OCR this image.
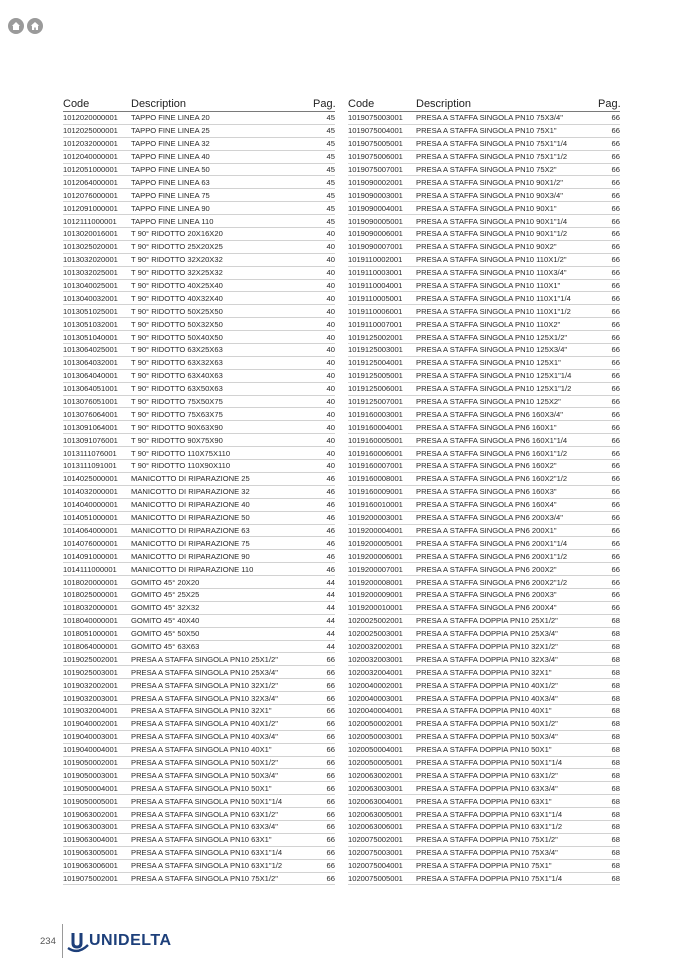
Code	Description	Pag.
1012020000001	TAPPO FINE LINEA 20	45
1012025000001	TAPPO FINE LINEA 25	45
1012032000001	TAPPO FINE LINEA 32	45
1012040000001	TAPPO FINE LINEA 40	45
1012051000001	TAPPO FINE LINEA 50	45
1012064000001	TAPPO FINE LINEA 63	45
1012076000001	TAPPO FINE LINEA 75	45
1012091000001	TAPPO FINE LINEA 90	45
1012111000001	TAPPO FINE LINEA 110	45
1013020016001	T 90° RIDOTTO 20X16X20	40
1013025020001	T 90° RIDOTTO 25X20X25	40
1013032020001	T 90° RIDOTTO 32X20X32	40
1013032025001	T 90° RIDOTTO 32X25X32	40
1013040025001	T 90° RIDOTTO 40X25X40	40
1013040032001	T 90° RIDOTTO 40X32X40	40
1013051025001	T 90° RIDOTTO 50X25X50	40
1013051032001	T 90° RIDOTTO 50X32X50	40
1013051040001	T 90° RIDOTTO 50X40X50	40
1013064025001	T 90° RIDOTTO 63X25X63	40
1013064032001	T 90° RIDOTTO 63X32X63	40
1013064040001	T 90° RIDOTTO 63X40X63	40
1013064051001	T 90° RIDOTTO 63X50X63	40
1013076051001	T 90° RIDOTTO 75X50X75	40
1013076064001	T 90° RIDOTTO 75X63X75	40
1013091064001	T 90° RIDOTTO 90X63X90	40
1013091076001	T 90° RIDOTTO 90X75X90	40
1013111076001	T 90° RIDOTTO 110X75X110	40
1013111091001	T 90° RIDOTTO 110X90X110	40
1014025000001	MANICOTTO DI RIPARAZIONE 25	46
1014032000001	MANICOTTO DI RIPARAZIONE 32	46
1014040000001	MANICOTTO DI RIPARAZIONE 40	46
1014051000001	MANICOTTO DI RIPARAZIONE 50	46
1014064000001	MANICOTTO DI RIPARAZIONE 63	46
1014076000001	MANICOTTO DI RIPARAZIONE 75	46
1014091000001	MANICOTTO DI RIPARAZIONE 90	46
1014111000001	MANICOTTO DI RIPARAZIONE 110	46
1018020000001	GOMITO 45° 20X20	44
1018025000001	GOMITO 45° 25X25	44
1018032000001	GOMITO 45° 32X32	44
1018040000001	GOMITO 45° 40X40	44
1018051000001	GOMITO 45° 50X50	44
1018064000001	GOMITO 45° 63X63	44
1019025002001	PRESA A STAFFA SINGOLA PN10 25X1/2"	66
1019025003001	PRESA A STAFFA SINGOLA PN10 25X3/4"	66
1019032002001	PRESA A STAFFA SINGOLA PN10 32X1/2"	66
1019032003001	PRESA A STAFFA SINGOLA PN10 32X3/4"	66
1019032004001	PRESA A STAFFA SINGOLA PN10 32X1"	66
1019040002001	PRESA A STAFFA SINGOLA PN10 40X1/2"	66
1019040003001	PRESA A STAFFA SINGOLA PN10 40X3/4"	66
1019040004001	PRESA A STAFFA SINGOLA PN10 40X1"	66
1019050002001	PRESA A STAFFA SINGOLA PN10 50X1/2"	66
1019050003001	PRESA A STAFFA SINGOLA PN10 50X3/4"	66
1019050004001	PRESA A STAFFA SINGOLA PN10 50X1"	66
1019050005001	PRESA A STAFFA SINGOLA PN10 50X1"1/4	66
1019063002001	PRESA A STAFFA SINGOLA PN10 63X1/2"	66
1019063003001	PRESA A STAFFA SINGOLA PN10 63X3/4"	66
1019063004001	PRESA A STAFFA SINGOLA PN10 63X1"	66
1019063005001	PRESA A STAFFA SINGOLA PN10 63X1"1/4	66
1019063006001	PRESA A STAFFA SINGOLA PN10 63X1"1/2	66
1019075002001	PRESA A STAFFA SINGOLA PN10 75X1/2"	66
Code	Description	Pag.
1019075003001	PRESA A STAFFA SINGOLA PN10 75X3/4"	66
1019075004001	PRESA A STAFFA SINGOLA PN10 75X1"	66
1019075005001	PRESA A STAFFA SINGOLA PN10 75X1"1/4	66
1019075006001	PRESA A STAFFA SINGOLA PN10 75X1"1/2	66
1019075007001	PRESA A STAFFA SINGOLA PN10 75X2"	66
1019090002001	PRESA A STAFFA SINGOLA PN10 90X1/2"	66
1019090003001	PRESA A STAFFA SINGOLA PN10 90X3/4"	66
1019090004001	PRESA A STAFFA SINGOLA PN10 90X1"	66
1019090005001	PRESA A STAFFA SINGOLA PN10 90X1"1/4	66
1019090006001	PRESA A STAFFA SINGOLA PN10 90X1"1/2	66
1019090007001	PRESA A STAFFA SINGOLA PN10 90X2"	66
1019110002001	PRESA A STAFFA SINGOLA PN10 110X1/2"	66
1019110003001	PRESA A STAFFA SINGOLA PN10 110X3/4"	66
1019110004001	PRESA A STAFFA SINGOLA PN10 110X1"	66
1019110005001	PRESA A STAFFA SINGOLA PN10 110X1"1/4	66
1019110006001	PRESA A STAFFA SINGOLA PN10 110X1"1/2	66
1019110007001	PRESA A STAFFA SINGOLA PN10 110X2"	66
1019125002001	PRESA A STAFFA SINGOLA PN10 125X1/2"	66
1019125003001	PRESA A STAFFA SINGOLA PN10 125X3/4"	66
1019125004001	PRESA A STAFFA SINGOLA PN10 125X1"	66
1019125005001	PRESA A STAFFA SINGOLA PN10 125X1"1/4	66
1019125006001	PRESA A STAFFA SINGOLA PN10 125X1"1/2	66
1019125007001	PRESA A STAFFA SINGOLA PN10 125X2"	66
1019160003001	PRESA A STAFFA SINGOLA PN6 160X3/4"	66
1019160004001	PRESA A STAFFA SINGOLA PN6 160X1"	66
1019160005001	PRESA A STAFFA SINGOLA PN6 160X1"1/4	66
1019160006001	PRESA A STAFFA SINGOLA PN6 160X1"1/2	66
1019160007001	PRESA A STAFFA SINGOLA PN6 160X2"	66
1019160008001	PRESA A STAFFA SINGOLA PN6 160X2"1/2	66
1019160009001	PRESA A STAFFA SINGOLA PN6 160X3"	66
1019160010001	PRESA A STAFFA SINGOLA PN6 160X4"	66
1019200003001	PRESA A STAFFA SINGOLA PN6 200X3/4"	66
1019200004001	PRESA A STAFFA SINGOLA PN6 200X1"	66
1019200005001	PRESA A STAFFA SINGOLA PN6 200X1"1/4	66
1019200006001	PRESA A STAFFA SINGOLA PN6 200X1"1/2	66
1019200007001	PRESA A STAFFA SINGOLA PN6 200X2"	66
1019200008001	PRESA A STAFFA SINGOLA PN6 200X2"1/2	66
1019200009001	PRESA A STAFFA SINGOLA PN6 200X3"	66
1019200010001	PRESA A STAFFA SINGOLA PN6 200X4"	66
1020025002001	PRESA A STAFFA DOPPIA PN10 25X1/2"	68
1020025003001	PRESA A STAFFA DOPPIA PN10 25X3/4"	68
1020032002001	PRESA A STAFFA DOPPIA PN10 32X1/2"	68
1020032003001	PRESA A STAFFA DOPPIA PN10 32X3/4"	68
1020032004001	PRESA A STAFFA DOPPIA PN10 32X1"	68
1020040002001	PRESA A STAFFA DOPPIA PN10 40X1/2"	68
1020040003001	PRESA A STAFFA DOPPIA PN10 40X3/4"	68
1020040004001	PRESA A STAFFA DOPPIA PN10 40X1"	68
1020050002001	PRESA A STAFFA DOPPIA PN10 50X1/2"	68
1020050003001	PRESA A STAFFA DOPPIA PN10 50X3/4"	68
1020050004001	PRESA A STAFFA DOPPIA PN10 50X1"	68
1020050005001	PRESA A STAFFA DOPPIA PN10 50X1"1/4	68
1020063002001	PRESA A STAFFA DOPPIA PN10 63X1/2"	68
1020063003001	PRESA A STAFFA DOPPIA PN10 63X3/4"	68
1020063004001	PRESA A STAFFA DOPPIA PN10 63X1"	68
1020063005001	PRESA A STAFFA DOPPIA PN10 63X1"1/4	68
1020063006001	PRESA A STAFFA DOPPIA PN10 63X1"1/2	68
1020075002001	PRESA A STAFFA DOPPIA PN10 75X1/2"	68
1020075003001	PRESA A STAFFA DOPPIA PN10 75X3/4"	68
1020075004001	PRESA A STAFFA DOPPIA PN10 75X1"	68
1020075005001	PRESA A STAFFA DOPPIA PN10 75X1"1/4	68
234	UNIDELTA
